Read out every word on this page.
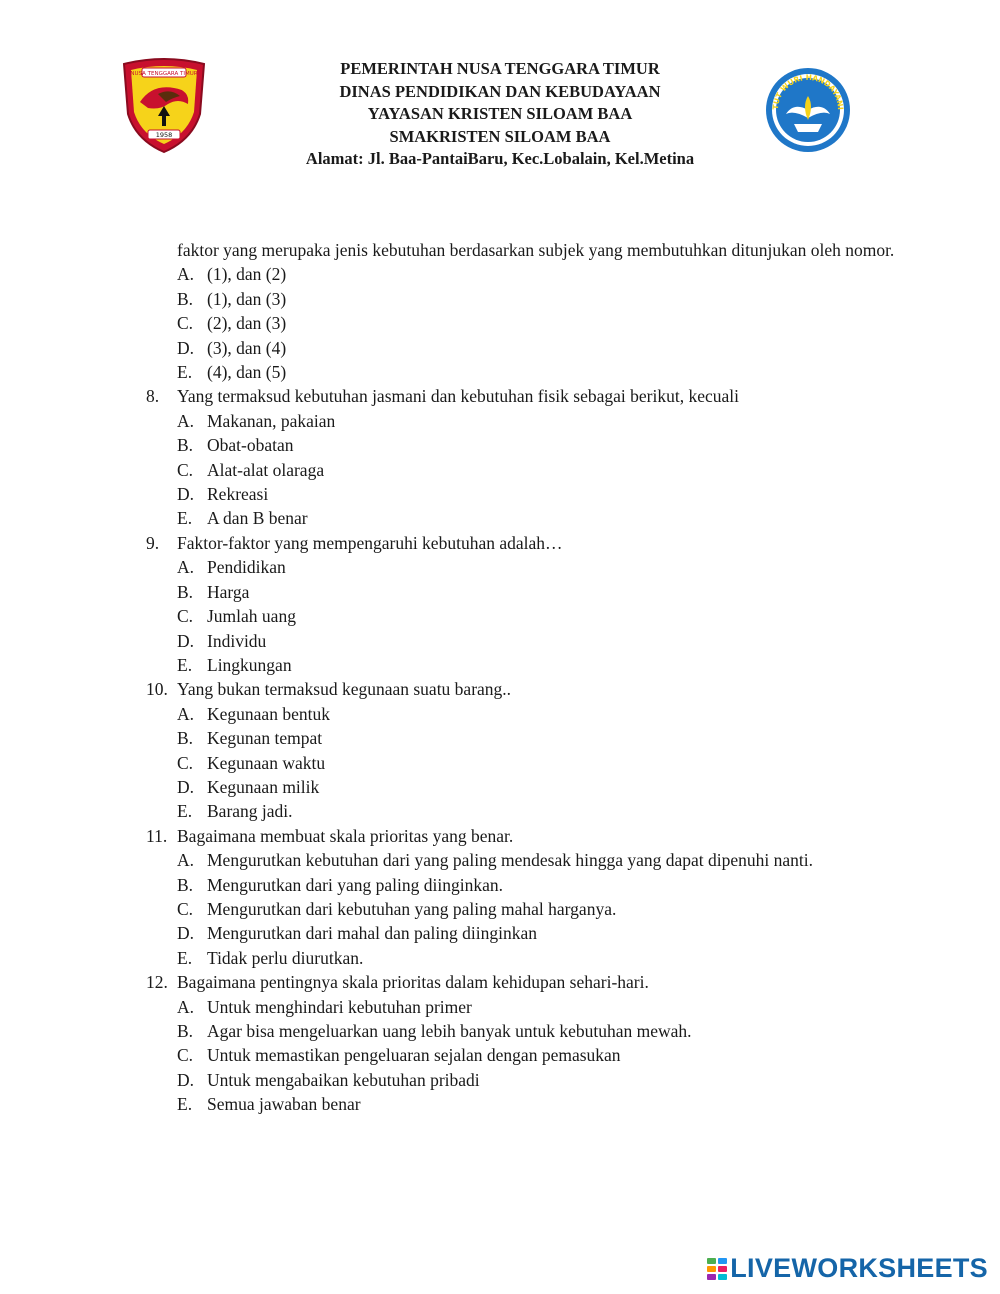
NUSA TENGGARA TIMUR
1958
PEMERINTAH NUSA TENGGARA TIMUR
DINAS PENDIDIKAN DAN KEBUDAYAAN
YAYASAN KRISTEN SILOAM BAA
SMAKRISTEN SILOAM BAA
Alamat: Jl. Baa-PantaiBaru, Kec.Lobalain, Kel.Metina
TUT WURI HANDAYANI
faktor yang merupaka jenis kebutuhan berdasarkan subjek yang membutuhkan ditunjukan oleh nomor.
A. (1), dan (2)
B. (1), dan (3)
C. (2), dan (3)
D. (3), dan (4)
E. (4), dan (5)
8.	Yang termaksud kebutuhan jasmani dan kebutuhan fisik sebagai berikut, kecuali
A. Makanan, pakaian
B. Obat-obatan
C. Alat-alat olaraga
D. Rekreasi
E. A dan B benar
9.	Faktor-faktor yang mempengaruhi kebutuhan adalah…
A. Pendidikan
B. Harga
C. Jumlah uang
D. Individu
E. Lingkungan
10. Yang bukan termaksud kegunaan suatu barang..
A. Kegunaan bentuk
B. Kegunan tempat
C. Kegunaan waktu
D. Kegunaan milik
E. Barang jadi.
11. Bagaimana membuat skala prioritas yang benar.
A. Mengurutkan kebutuhan dari yang paling mendesak hingga yang dapat dipenuhi nanti.
B. Mengurutkan dari yang paling diinginkan.
C. Mengurutkan dari kebutuhan yang paling mahal harganya.
D. Mengurutkan dari mahal dan paling diinginkan
E. Tidak perlu diurutkan.
12. Bagaimana pentingnya skala prioritas dalam kehidupan sehari-hari.
A. Untuk menghindari kebutuhan primer
B. Agar bisa mengeluarkan uang lebih banyak untuk kebutuhan mewah.
C. Untuk memastikan pengeluaran sejalan dengan pemasukan
D. Untuk mengabaikan kebutuhan pribadi
E. Semua jawaban benar
LIVEWORKSHEETS
